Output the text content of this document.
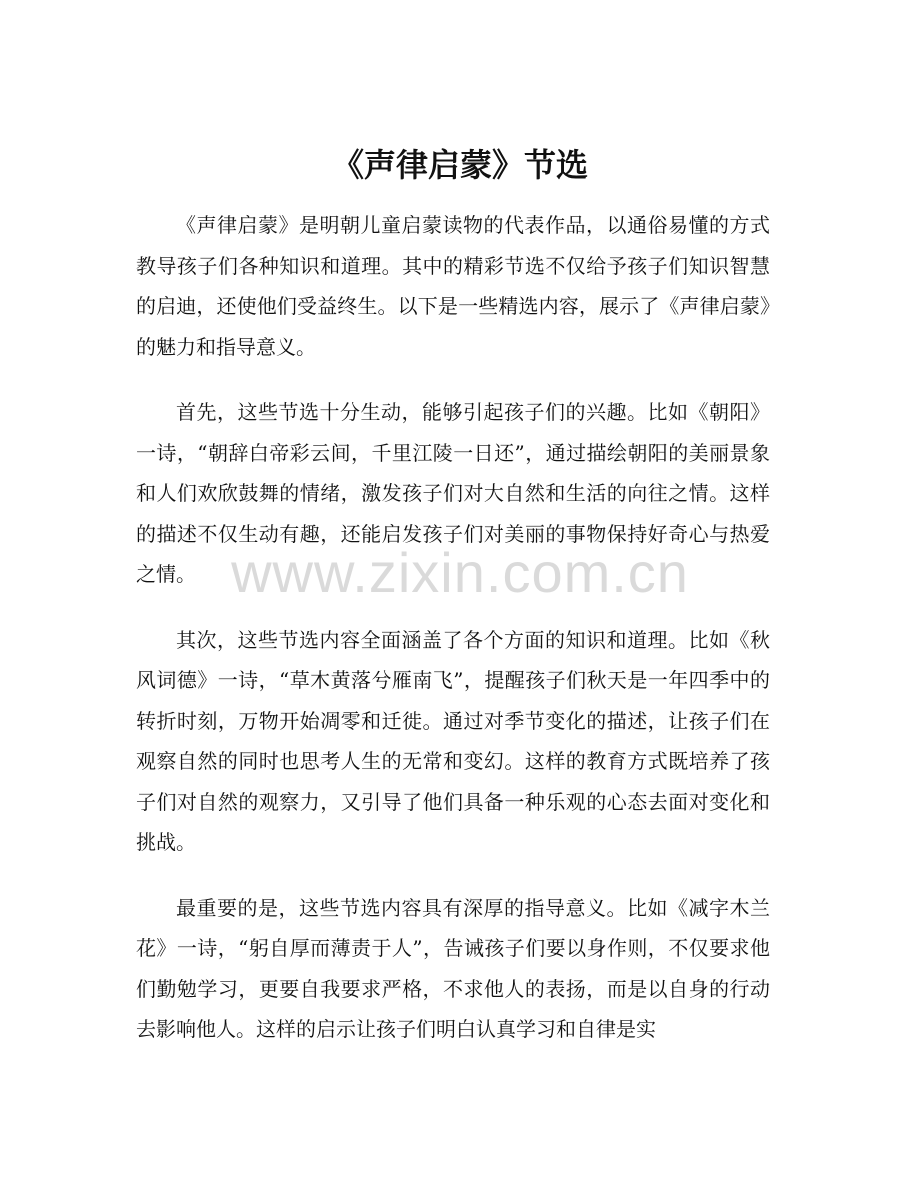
《声律启蒙》节选

《声律启蒙》是明朝儿童启蒙读物的代表作品，以通俗易懂的方式教导孩子们各种知识和道理。其中的精彩节选不仅给予孩子们知识智慧的启迪，还使他们受益终生。以下是一些精选内容，展示了《声律启蒙》的魅力和指导意义。

首先，这些节选十分生动，能够引起孩子们的兴趣。比如《朝阳》一诗，“朝辞白帝彩云间，千里江陵一日还”，通过描绘朝阳的美丽景象和人们欢欣鼓舞的情绪，激发孩子们对大自然和生活的向往之情。这样的描述不仅生动有趣，还能启发孩子们对美丽的事物保持好奇心与热爱之情。

其次，这些节选内容全面涵盖了各个方面的知识和道理。比如《秋风词德》一诗，“草木黄落兮雁南飞”，提醒孩子们秋天是一年四季中的转折时刻，万物开始凋零和迁徙。通过对季节变化的描述，让孩子们在观察自然的同时也思考人生的无常和变幻。这样的教育方式既培养了孩子们对自然的观察力，又引导了他们具备一种乐观的心态去面对变化和挑战。

最重要的是，这些节选内容具有深厚的指导意义。比如《减字木兰花》一诗，“躬自厚而薄责于人”，告诫孩子们要以身作则，不仅要求他们勤勉学习，更要自我要求严格，不求他人的表扬，而是以自身的行动去影响他人。这样的启示让孩子们明白认真学习和自律是实

www.zixin.com.cn
